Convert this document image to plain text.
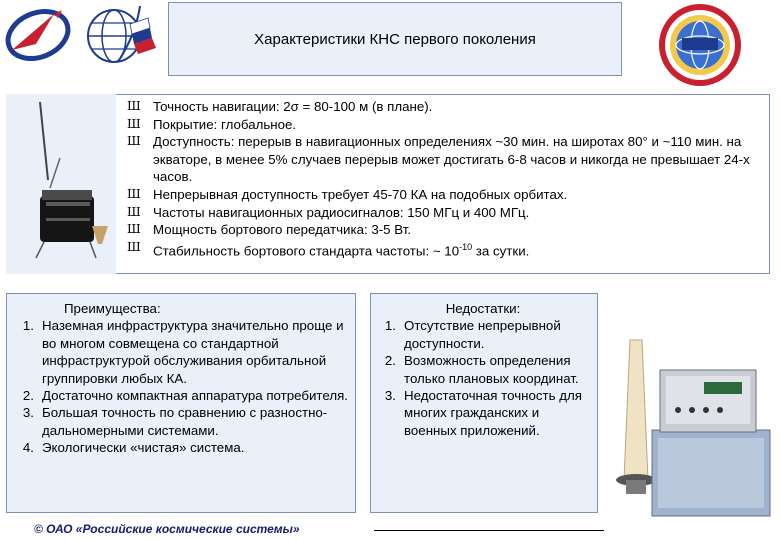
Характеристики КНС первого поколения
Ш Точность навигации: 2σ = 80-100 м (в плане).
Ш Покрытие: глобальное.
Ш Доступность: перерыв в навигационных определениях ~30 мин. на широтах 80° и ~110 мин. на экваторе, в менее 5% случаев перерыв может достигать 6-8 часов и никогда не превышает 24-х часов.
Ш Непрерывная доступность требует 45-70 КА на подобных орбитах.
Ш Частоты навигационных радиосигналов: 150 МГц и 400 МГц.
Ш Мощность бортового передатчика: 3-5 Вт.
Ш Стабильность бортового стандарта частоты: ~ $10^{-10}$ за сутки.
Преимущества:
1. Наземная инфраструктура значительно проще и во многом совмещена со стандартной инфраструктурой обслуживания орбитальной группировки любых КА.
2. Достаточно компактная аппаратура потребителя.
3. Большая точность по сравнению с разностно-дальномерными системами.
4. Экологически «чистая» система.
Недостатки:
1. Отсутствие непрерывной доступности.
2. Возможность определения только плановых координат.
3. Недостаточная точность для многих гражданских и военных приложений.
© ОАО «Российские космические системы»
